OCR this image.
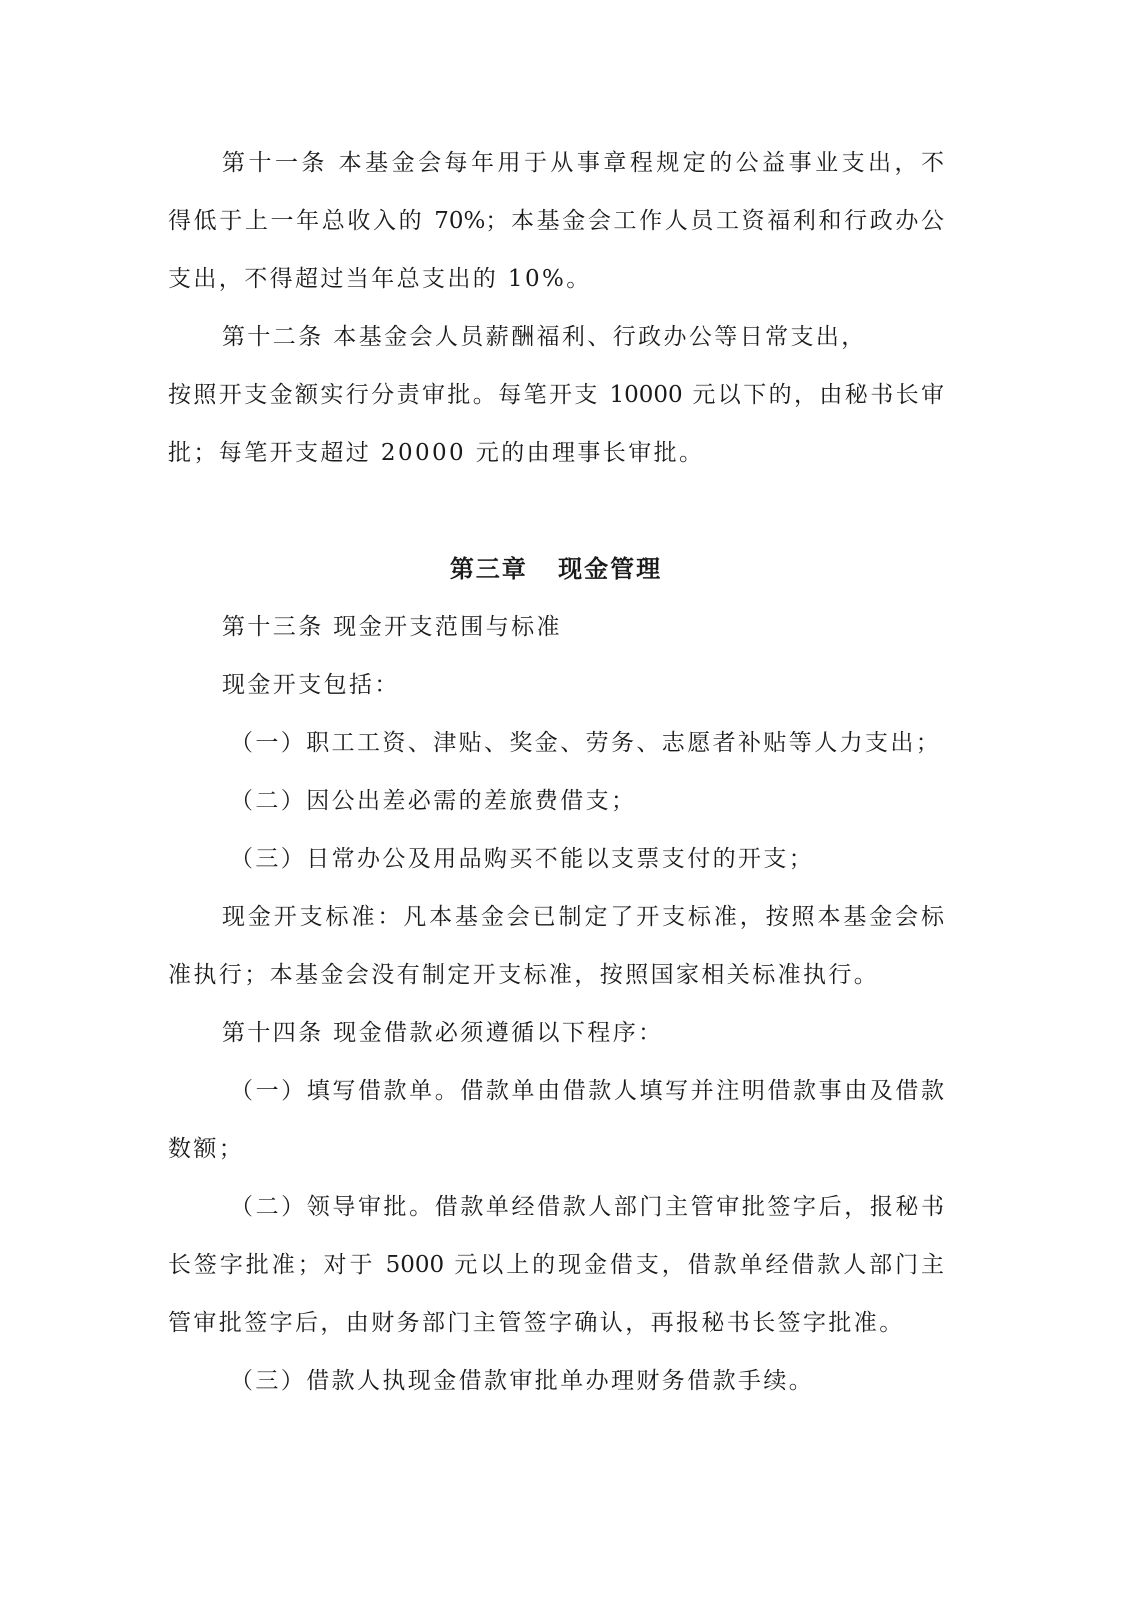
第十一条 本基金会每年用于从事章程规定的公益事业支出，不
得低于上一年总收入的 70%；本基金会工作人员工资福利和行政办公
支出，不得超过当年总支出的 10%。
第十二条 本基金会人员薪酬福利、行政办公等日常支出，
按照开支金额实行分责审批。每笔开支 10000 元以下的，由秘书长审
批；每笔开支超过 20000 元的由理事长审批。
第三章 现金管理
第十三条 现金开支范围与标准
现金开支包括：
（一）职工工资、津贴、奖金、劳务、志愿者补贴等人力支出；
（二）因公出差必需的差旅费借支；
（三）日常办公及用品购买不能以支票支付的开支；
现金开支标准：凡本基金会已制定了开支标准，按照本基金会标
准执行；本基金会没有制定开支标准，按照国家相关标准执行。
第十四条 现金借款必须遵循以下程序：
（一）填写借款单。借款单由借款人填写并注明借款事由及借款
数额；
（二）领导审批。借款单经借款人部门主管审批签字后，报秘书
长签字批准；对于 5000 元以上的现金借支，借款单经借款人部门主
管审批签字后，由财务部门主管签字确认，再报秘书长签字批准。
（三）借款人执现金借款审批单办理财务借款手续。
